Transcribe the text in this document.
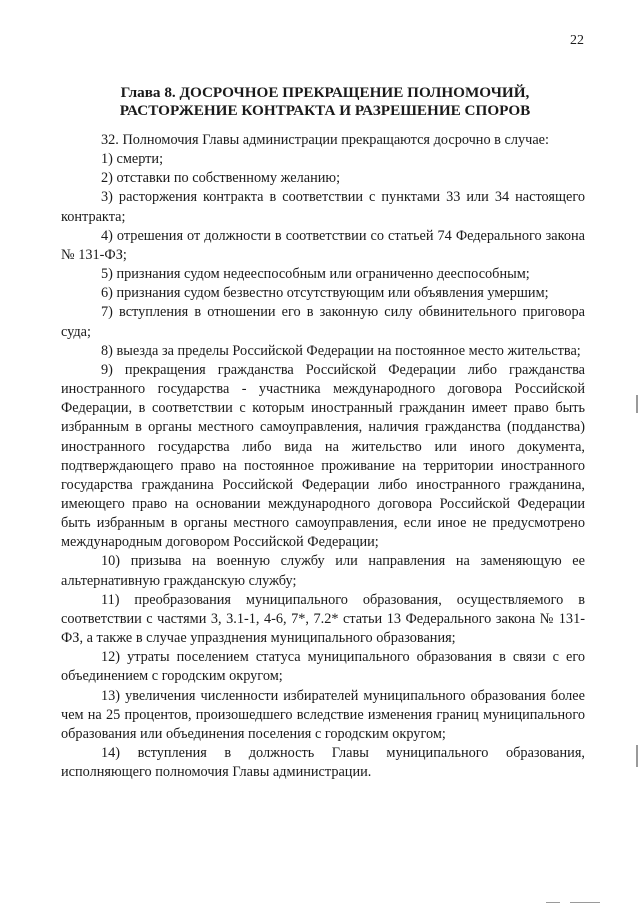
22
Глава 8. ДОСРОЧНОЕ ПРЕКРАЩЕНИЕ ПОЛНОМОЧИЙ,
РАСТОРЖЕНИЕ КОНТРАКТА И РАЗРЕШЕНИЕ СПОРОВ

32. Полномочия Главы администрации прекращаются досрочно в случае:

1) смерти;

2) отставки по собственному желанию;

3) расторжения контракта в соответствии с пунктами 33 или 34 настоящего контракта;

4) отрешения от должности в соответствии со статьей 74 Федерального закона № 131-ФЗ;

5) признания судом недееспособным или ограниченно дееспособным;

6) признания судом безвестно отсутствующим или объявления умершим;

7) вступления в отношении его в законную силу обвинительного приговора суда;

8) выезда за пределы Российской Федерации на постоянное место жительства;

9) прекращения гражданства Российской Федерации либо гражданства иностранного государства - участника международного договора Российской Федерации, в соответствии с которым иностранный гражданин имеет право быть избранным в органы местного самоуправления, наличия гражданства (подданства) иностранного государства либо вида на жительство или иного документа, подтверждающего право на постоянное проживание на территории иностранного государства гражданина Российской Федерации либо иностранного гражданина, имеющего право на основании международного договора Российской Федерации быть избранным в органы местного самоуправления, если иное не предусмотрено международным договором Российской Федерации;

10) призыва на военную службу или направления на заменяющую ее альтернативную гражданскую службу;

11) преобразования муниципального образования, осуществляемого в соответствии с частями 3, 3.1-1, 4-6, 7*, 7.2* статьи 13 Федерального закона № 131-ФЗ, а также в случае упразднения муниципального образования;

12) утраты поселением статуса муниципального образования в связи с его объединением с городским округом;

13) увеличения численности избирателей муниципального образования более чем на 25 процентов, произошедшего вследствие изменения границ муниципального образования или объединения поселения с городским округом;

14) вступления в должность Главы муниципального образования, исполняющего полномочия Главы администрации.
